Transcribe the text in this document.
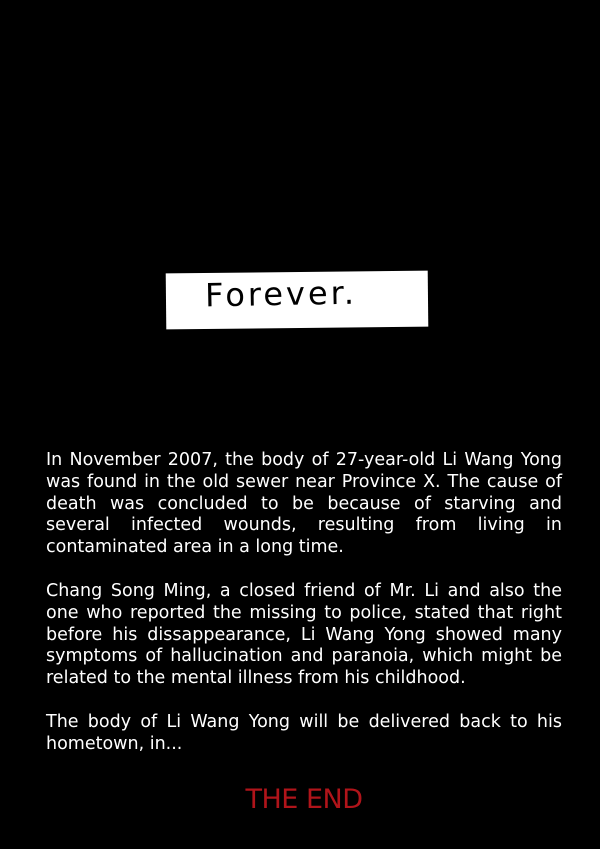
Forever.

In November 2007, the body of 27-year-old Li Wang Yong was found in the old sewer near Province X. The cause of death was concluded to be because of starving and several infected wounds, resulting from living in contaminated area in a long time.

Chang Song Ming, a closed friend of Mr. Li and also the one who reported the missing to police, stated that right before his dissappearance, Li Wang Yong showed many symptoms of hallucination and paranoia, which might be related to the mental illness from his childhood.

The body of Li Wang Yong will be delivered back to his hometown, in...

THE END
